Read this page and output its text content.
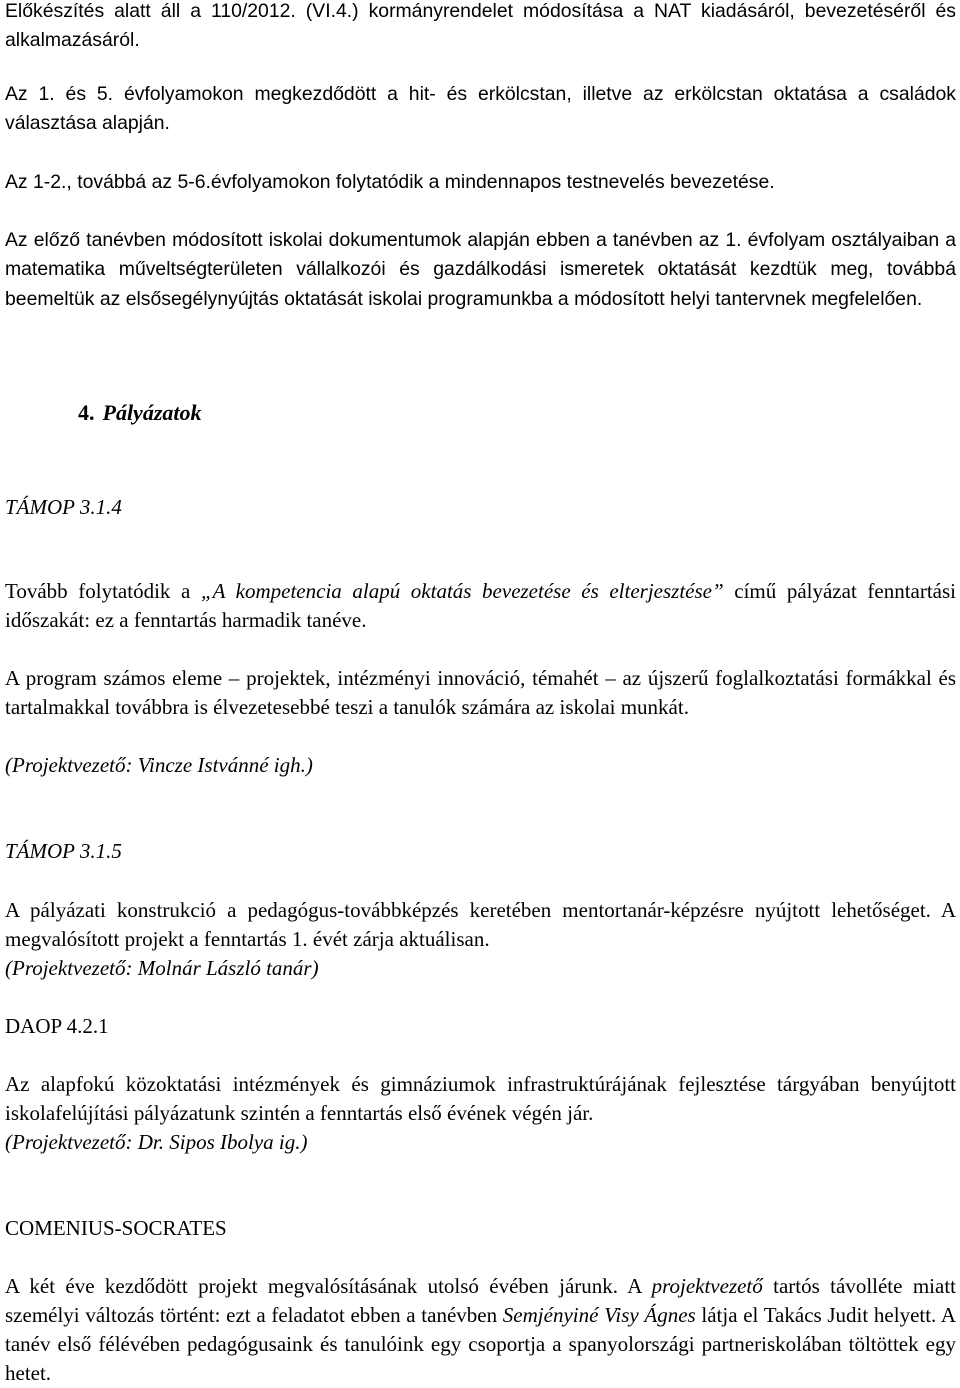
Előkészítés alatt áll a 110/2012. (VI.4.) kormányrendelet módosítása a NAT kiadásáról, bevezetéséről és alkalmazásáról.

Az 1. és 5. évfolyamokon megkezdődött a hit- és erkölcstan, illetve az erkölcstan oktatása a családok választása alapján.

Az 1-2., továbbá az 5-6.évfolyamokon folytatódik a mindennapos testnevelés bevezetése.

Az előző tanévben módosított iskolai dokumentumok alapján ebben a tanévben az 1. évfolyam osztályaiban a matematika műveltségterületen vállalkozói és gazdálkodási ismeretek oktatását kezdtük meg, továbbá beemeltük az elsősegélynyújtás oktatását iskolai programunkba a módosított helyi tantervnek megfelelően.

4. Pályázatok

TÁMOP 3.1.4

Tovább folytatódik a „A kompetencia alapú oktatás bevezetése és elterjesztése” című pályázat fenntartási időszakát: ez a fenntartás harmadik tanéve.

A program számos eleme – projektek, intézményi innováció, témahét – az újszerű foglalkoztatási formákkal és tartalmakkal továbbra is élvezetesebbé teszi a tanulók számára az iskolai munkát.

(Projektvezető: Vincze Istvánné igh.)

TÁMOP 3.1.5

A pályázati konstrukció a pedagógus-továbbképzés keretében mentortanár-képzésre nyújtott lehetőséget. A megvalósított projekt a fenntartás 1. évét zárja aktuálisan.

(Projektvezető: Molnár László tanár)

DAOP 4.2.1

Az alapfokú közoktatási intézmények és gimnáziumok infrastruktúrájának fejlesztése tárgyában benyújtott iskolafelújítási pályázatunk szintén a fenntartás első évének végén jár.

(Projektvezető: Dr. Sipos Ibolya ig.)

COMENIUS-SOCRATES

A két éve kezdődött projekt megvalósításának utolsó évében járunk. A projektvezető tartós távolléte miatt személyi változás történt: ezt a feladatot ebben a tanévben Semjényiné Visy Ágnes látja el Takács Judit helyett. A tanév első félévében pedagógusaink és tanulóink egy csoportja a spanyolországi partneriskolában töltöttek egy hetet.
